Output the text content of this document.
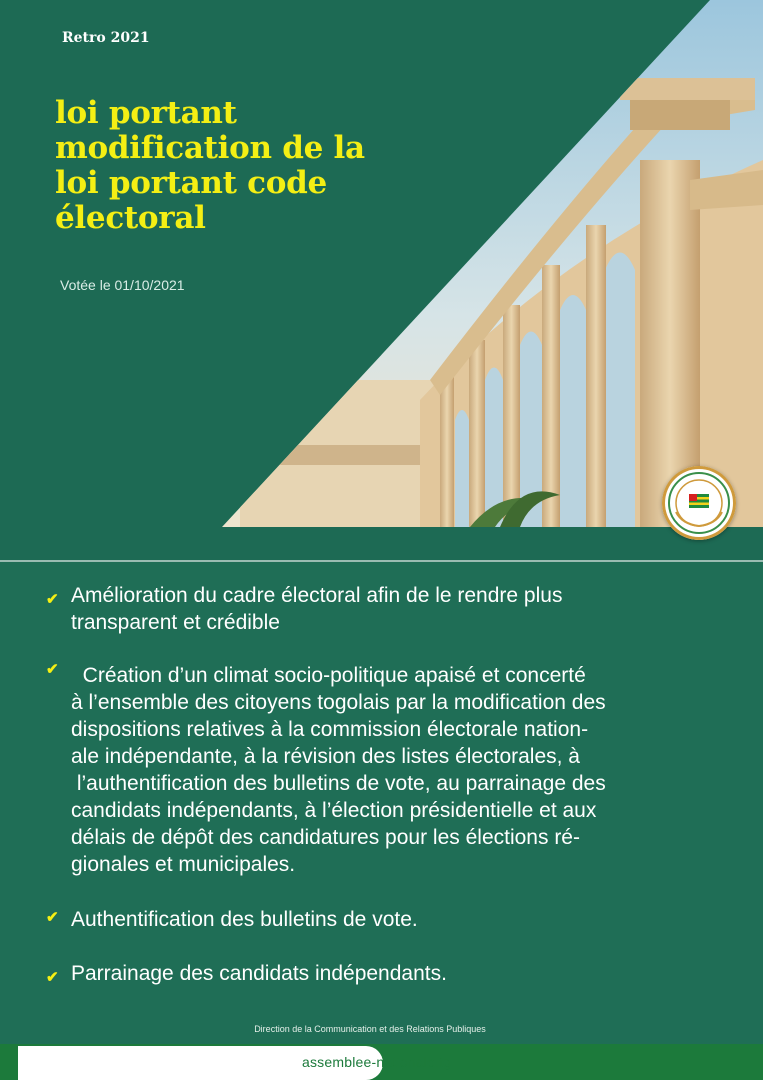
Retro 2021
loi portant
modification de la
loi portant code
électoral
Votée le 01/10/2021
✔ Amélioration du cadre électoral afin de le rendre plus
transparent et crédible

✔ Création d’un climat socio-politique apaisé et concerté
à l’ensemble des citoyens togolais par la modification des
dispositions relatives à la commission électorale nation-
ale indépendante, à la révision des listes électorales, à
l’authentification des bulletins de vote, au parrainage des
candidats indépendants, à l’élection présidentielle et aux
délais de dépôt des candidatures pour les élections ré-
gionales et municipales.

✔ Authentification des bulletins de vote.

✔ Parrainage des candidats indépendants.

Direction de la Communication et des Relations Publiques
assemblee-nationale.tg
